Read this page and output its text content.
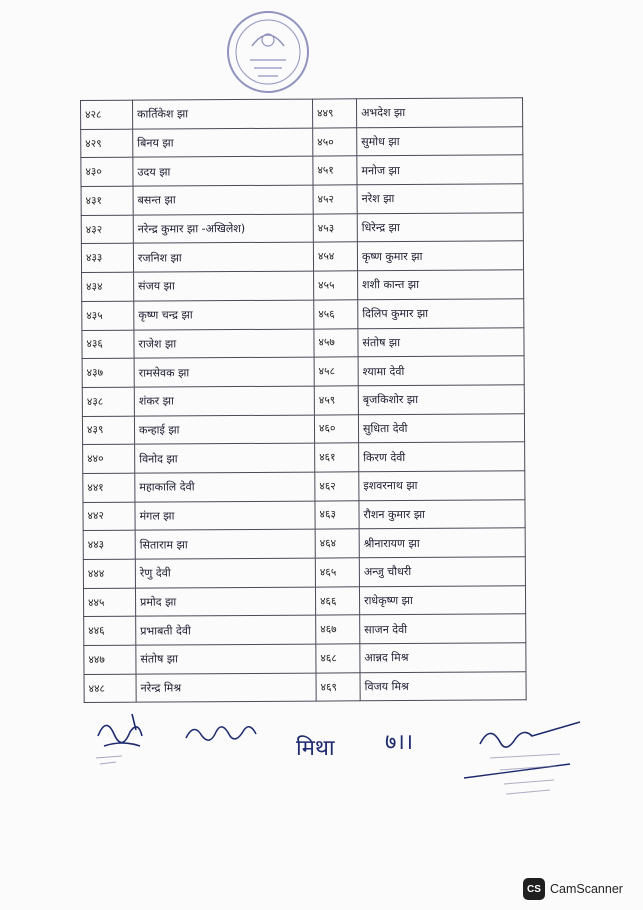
४२८	कार्तिकेश झा	४४९	अभदेश झा
४२९	बिनय झा	४५०	सुमोध झा
४३०	उदय झा	४५१	मनोज झा
४३१	बसन्त झा	४५२	नरेश झा
४३२	नरेन्द्र कुमार झा -अखिलेश)	४५३	धिरेन्द्र झा
४३३	रजनिश झा	४५४	कृष्ण कुमार झा
४३४	संजय झा	४५५	शशी कान्त झा
४३५	कृष्ण चन्द्र झा	४५६	दिलिप कुमार झा
४३६	राजेश झा	४५७	संतोष झा
४३७	रामसेवक झा	४५८	श्यामा देवी
४३८	शंकर झा	४५९	बृजकिशोर झा
४३९	कन्हाई झा	४६०	सुधिता देवी
४४०	विनोद झा	४६१	किरण देवी
४४१	महाकालि देवी	४६२	इशवरनाथ झा
४४२	मंगल झा	४६३	रौशन कुमार झा
४४३	सिताराम झा	४६४	श्रीनारायण झा
४४४	रेणु देवी	४६५	अन्जु चौधरी
४४५	प्रमोद झा	४६६	राधेकृष्ण झा
४४६	प्रभाबती देवी	४६७	साजन देवी
४४७	संतोष झा	४६८	आन्नद मिश्र
४४८	नरेन्द्र मिश्र	४६९	विजय मिश्र
मिथा ७।।
CS CamScanner
